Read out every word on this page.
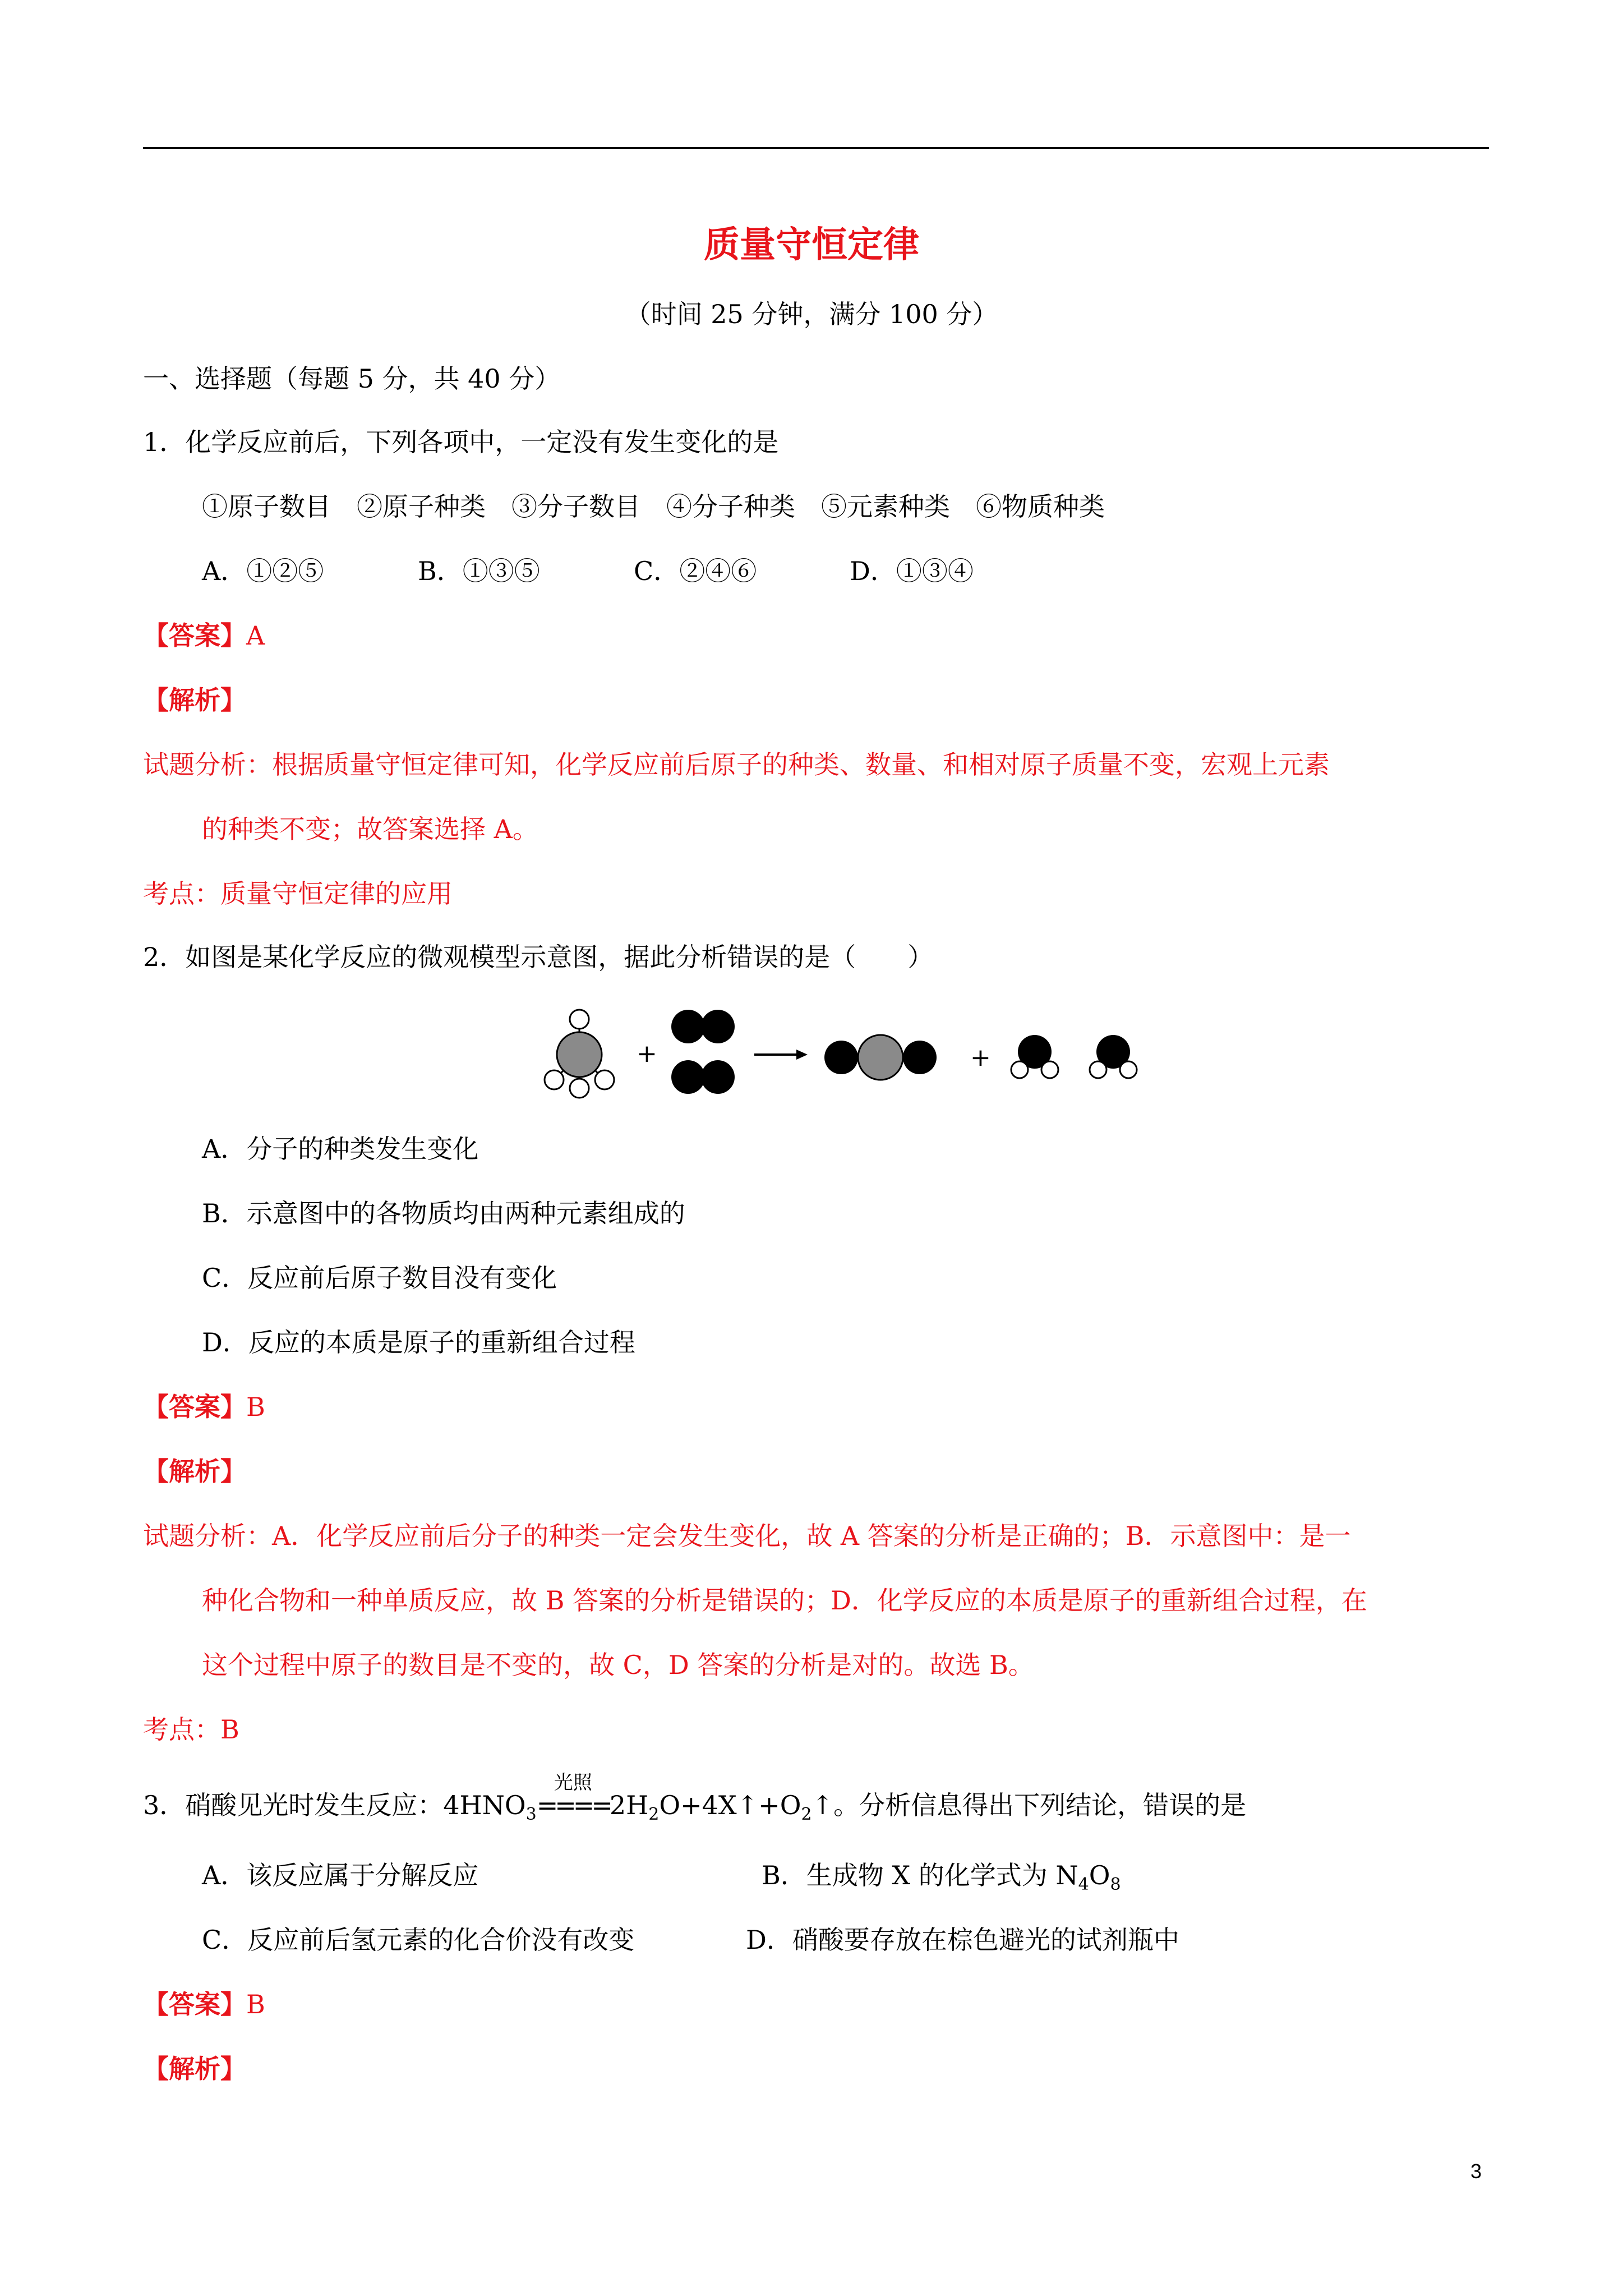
质量守恒定律
（时间 25 分钟，满分 100 分）
一、选择题（每题 5 分，共 40 分）
1．化学反应前后，下列各项中，一定没有发生变化的是
①原子数目　②原子种类　③分子数目　④分子种类　⑤元素种类　⑥物质种类
A．①②⑤	B．①③⑤	C．②④⑥	D．①③④
【答案】A
【解析】
试题分析：根据质量守恒定律可知，化学反应前后原子的种类、数量、和相对原子质量不变，宏观上元素
的种类不变；故答案选择 A。
考点：质量守恒定律的应用
2．如图是某化学反应的微观模型示意图，据此分析错误的是（　　）
+	+
A．分子的种类发生变化
B．示意图中的各物质均由两种元素组成的
C．反应前后原子数目没有变化
D．反应的本质是原子的重新组合过程
【答案】B
【解析】
试题分析：A．化学反应前后分子的种类一定会发生变化，故 A 答案的分析是正确的；B．示意图中：是一
种化合物和一种单质反应，故 B 答案的分析是错误的；D．化学反应的本质是原子的重新组合过程，在
这个过程中原子的数目是不变的，故 C，D 答案的分析是对的。故选 B。
考点：B
3．硝酸见光时发生反应：$4HNO_3$
光照
$====2H_2O+4X↑+O_2↑$。分析信息得出下列结论，错误的是
A．该反应属于分解反应	B．生成物 X 的化学式为 $N_4O_8$
C．反应前后氢元素的化合价没有改变	D．硝酸要存放在棕色避光的试剂瓶中
【答案】B
【解析】
3
